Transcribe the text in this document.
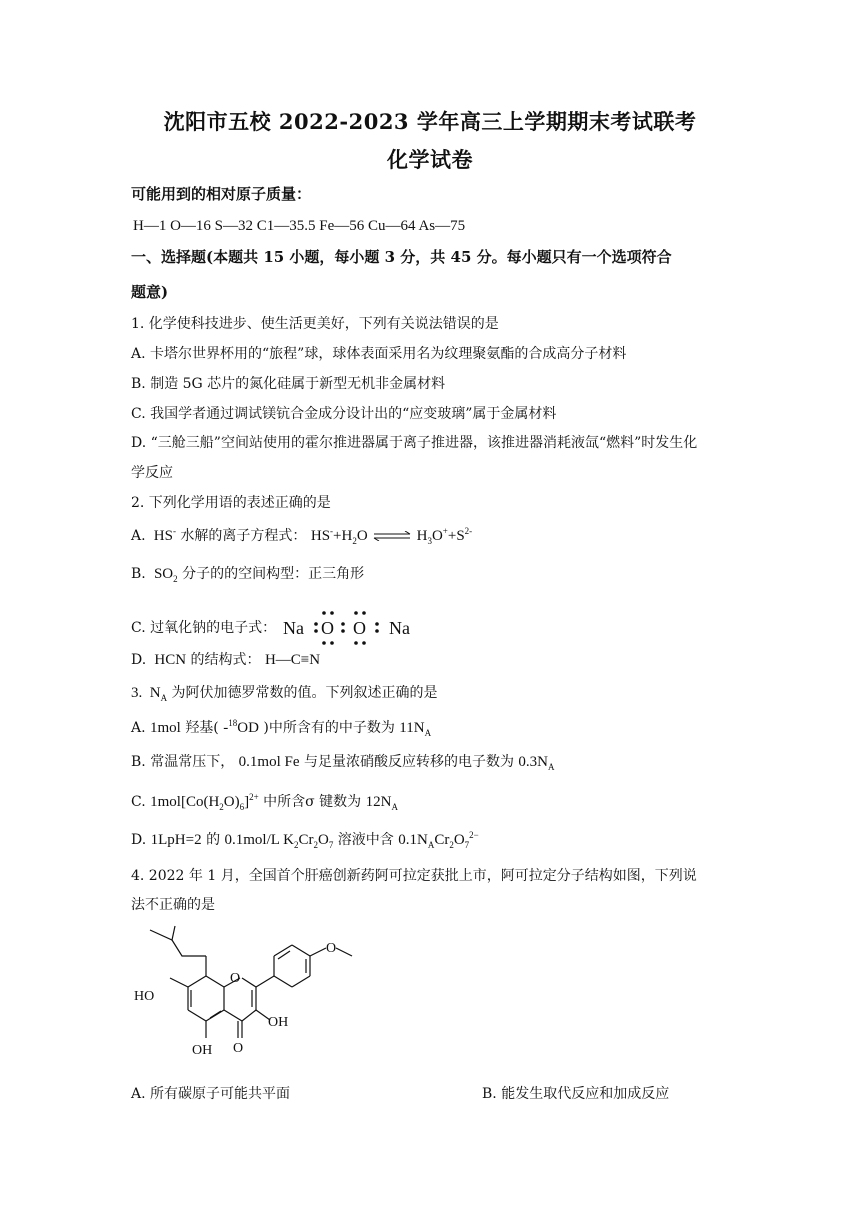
沈阳市五校 2022-2023 学年高三上学期期末考试联考
化学试卷
可能用到的相对原子质量：
H—1 O—16 S—32 C1—35.5 Fe—56 Cu—64 As—75
一、选择题(本题共 15 小题，每小题 3 分，共 45 分。每小题只有一个选项符合
题意)
1. 化学使科技进步、使生活更美好，下列有关说法错误的是
A. 卡塔尔世界杯用的“旅程”球，球体表面采用名为纹理聚氨酯的合成高分子材料
B. 制造 5G 芯片的氮化硅属于新型无机非金属材料
C. 我国学者通过调试镁钪合金成分设计出的“应变玻璃”属于金属材料
D. “三舱三船”空间站使用的霍尔推进器属于离子推进器，该推进器消耗液氙“燃料”时发生化
学反应
2. 下列化学用语的表述正确的是
A.  HS- 水解的离子方程式： $HS^-+H_2O$ ⇌ $H_3O^++S^{2-}$
B.  $SO_2$ 分子的的空间构型：正三角形
C. 过氧化钠的电子式： Na O O Na
D.  HCN 的结构式： H—C≡N
3.  $N_A$ 为阿伏加德罗常数的值。下列叙述正确的是
A. 1mol 羟基( -$^{18}$OD )中所含有的中子数为 $11N_A$
B. 常温常压下， 0.1mol Fe 与足量浓硝酸反应转移的电子数为 $0.3N_A$
C. $1mol[Co(H_2O)_6]^{2+}$ 中所含σ 键数为 $12N_A$
D. 1LpH=2 的 0.1mol/L $K_2Cr_2O_7$ 溶液中含 $0.1N_ACr_2O_7^{2-}$
4. 2022 年 1 月，全国首个肝癌创新药阿可拉定获批上市，阿可拉定分子结构如图，下列说
法不正确的是
HO
O
O
OH
OH
O
A. 所有碳原子可能共平面	B. 能发生取代反应和加成反应
